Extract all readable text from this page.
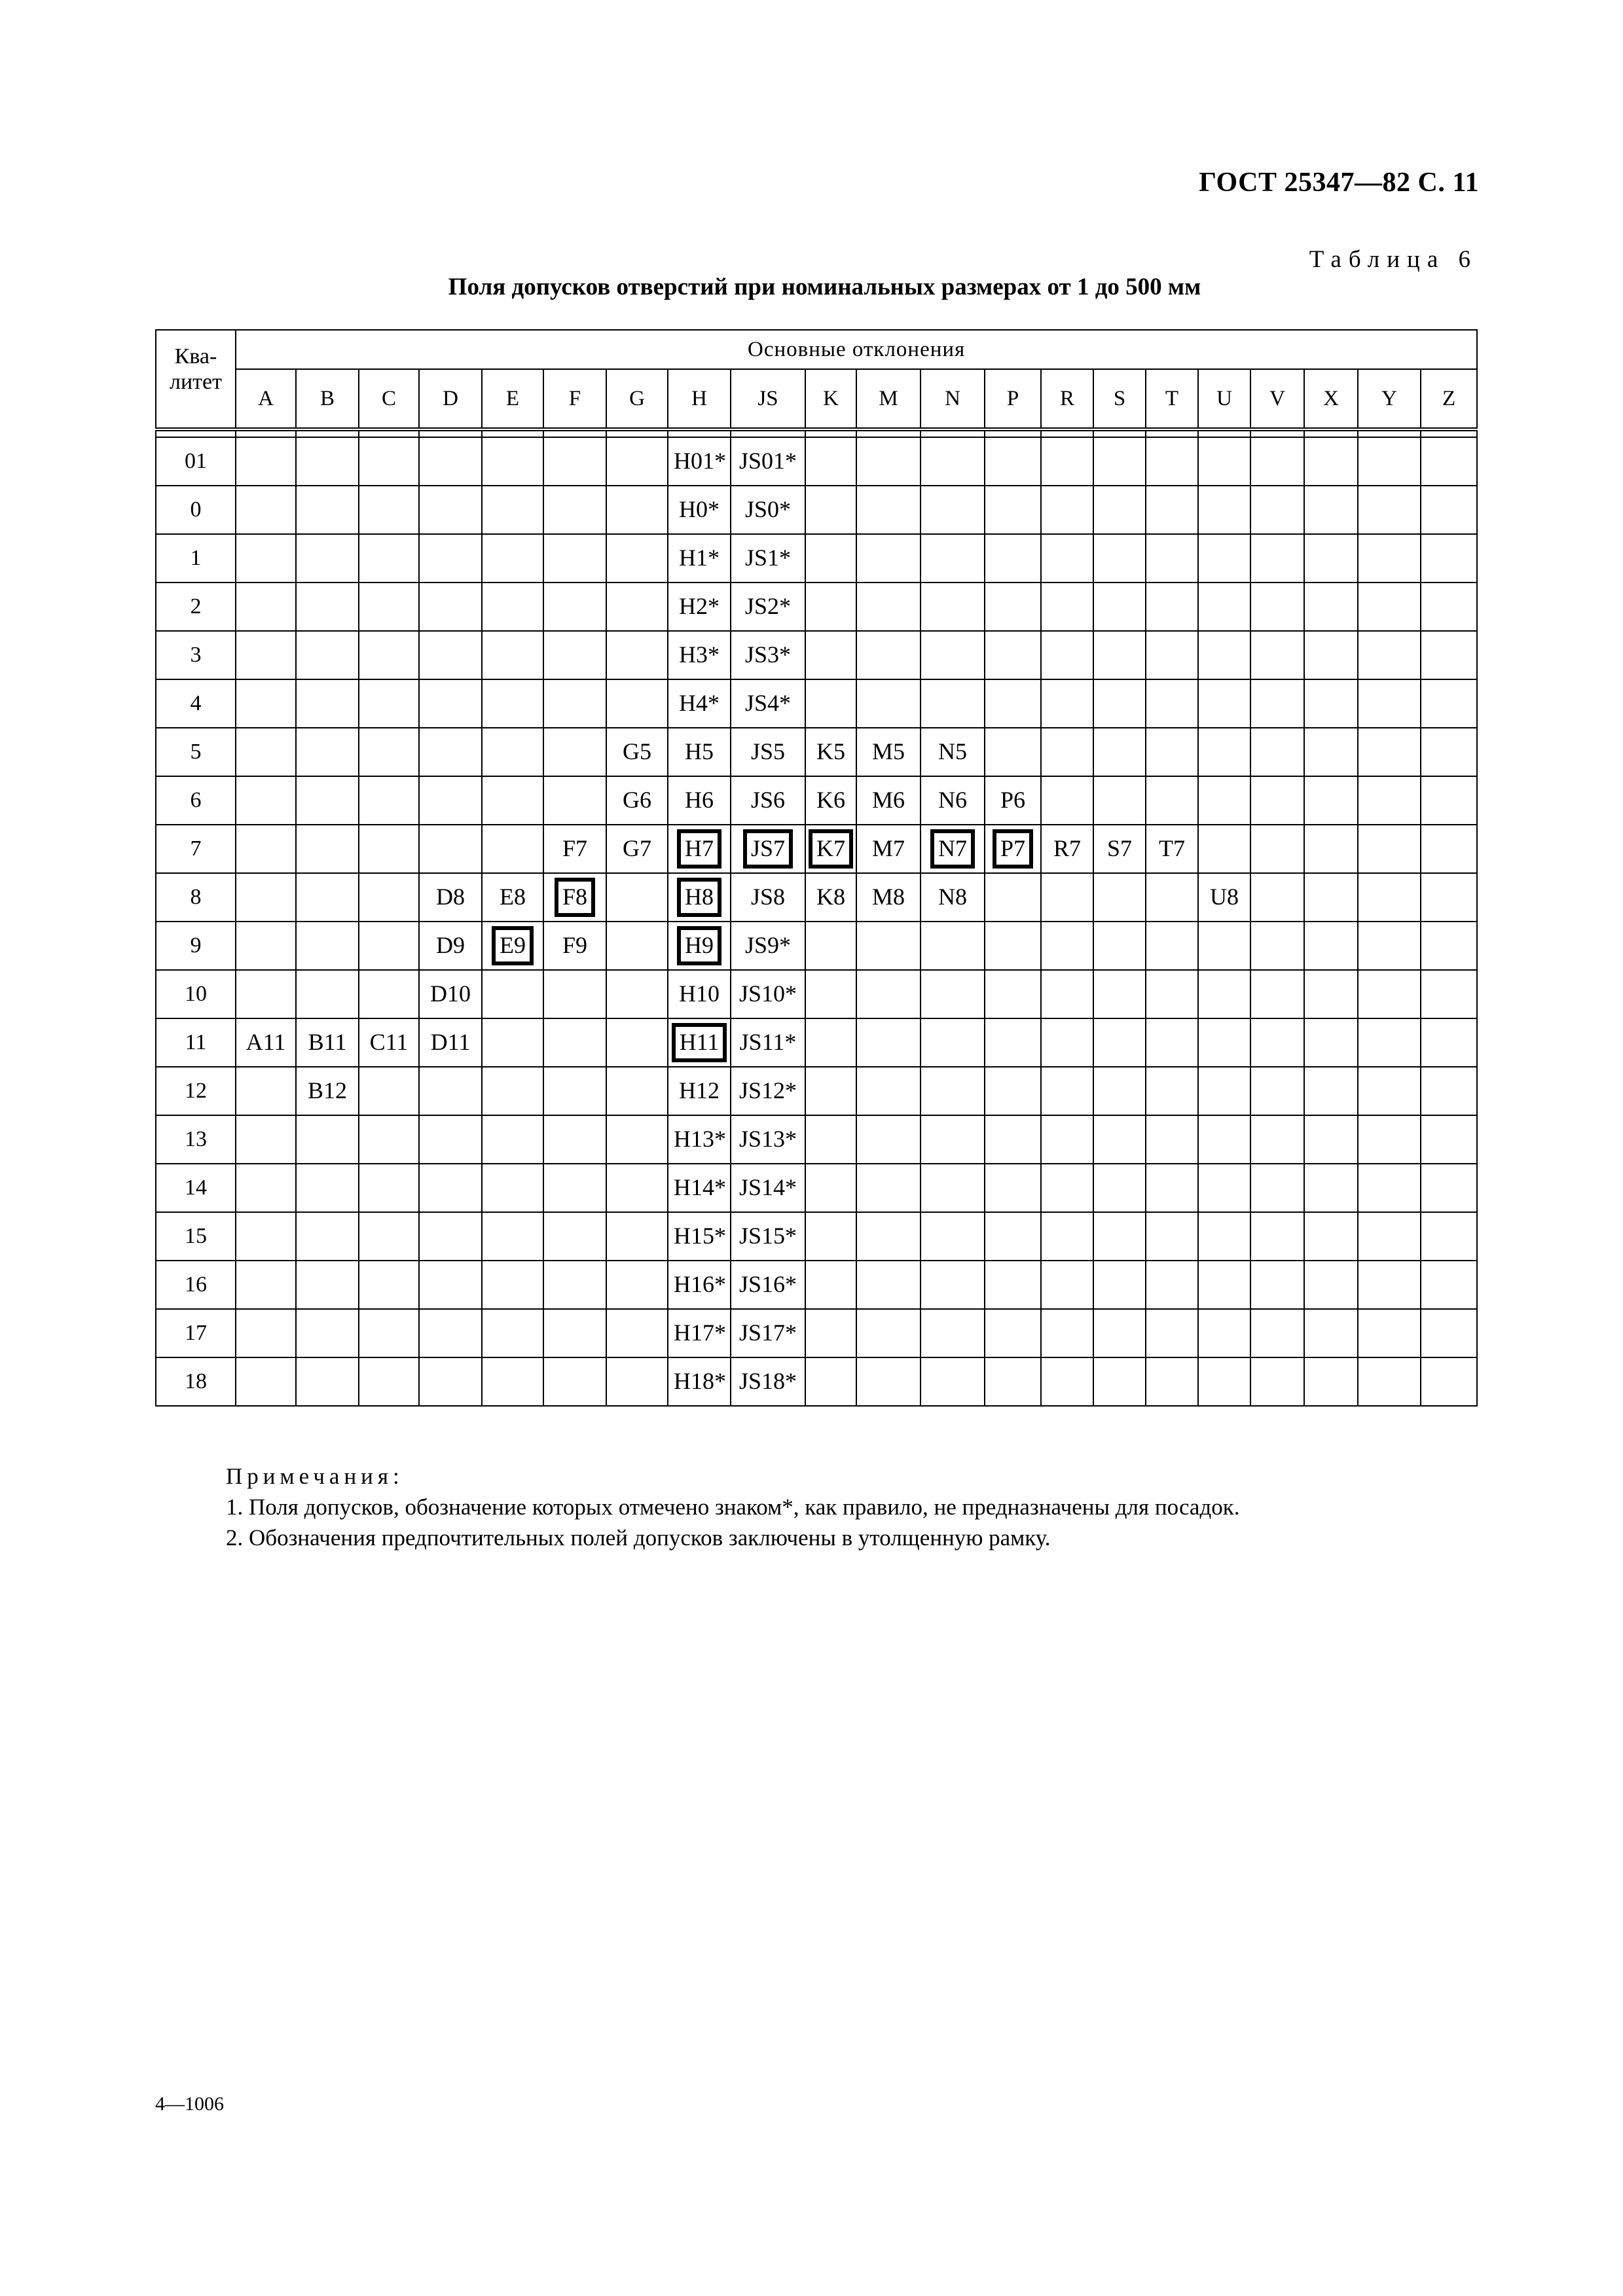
ГОСТ 25347—82 С. 11
Таблица 6
Поля допусков отверстий при номинальных размерах от 1 до 500 мм
Ква-
литет	Основные отклонения																				
	A	B	C	D	E	F	G	H	JS	K	M	N	P	R	S	T	U	V	X	Y	Z

01								H01*	JS01*												
0								H0*	JS0*												
1								H1*	JS1*												
2								H2*	JS2*												
3								H3*	JS3*												
4								H4*	JS4*												
5							G5	H5	JS5	K5	M5	N5									
6							G6	H6	JS6	K6	M6	N6	P6								
7						F7	G7	H7	JS7	K7	M7	N7	P7	R7	S7	T7					
8				D8	E8	F8		H8	JS8	K8	M8	N8					U8				
9				D9	E9	F9		H9	JS9*												
10				D10				H10	JS10*												
11	A11	B11	C11	D11				H11	JS11*												
12		B12						H12	JS12*												
13								H13*	JS13*												
14								H14*	JS14*												
15								H15*	JS15*												
16								H16*	JS16*												
17								H17*	JS17*												
18								H18*	JS18*												
Примечания:
1. Поля допусков, обозначение которых отмечено знаком*, как правило, не предназначены для посадок.
2. Обозначения предпочтительных полей допусков заключены в утолщенную рамку.
4—1006
